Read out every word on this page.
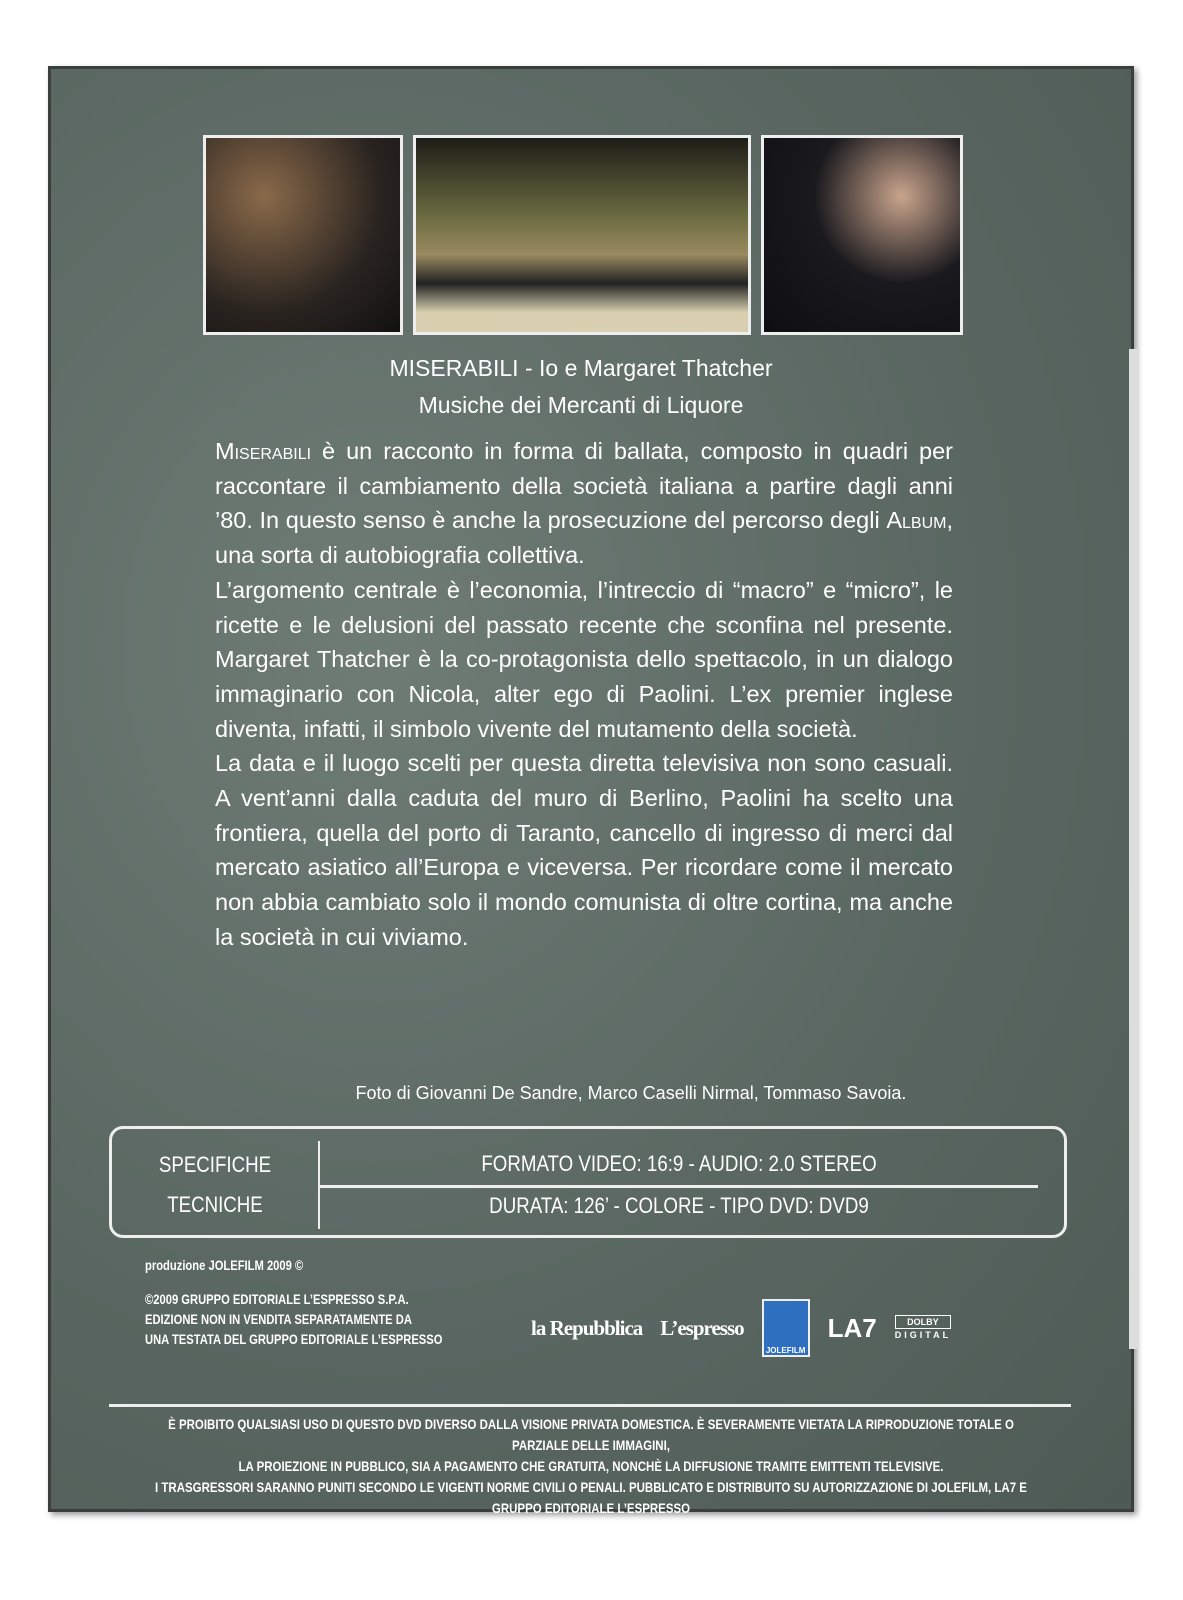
MISERABILI - Io e Margaret Thatcher
Musiche dei Mercanti di Liquore

Miserabili è un racconto in forma di ballata, composto in quadri per raccontare il cambiamento della società italiana a partire dagli anni ’80. In questo senso è anche la prosecuzione del percorso degli Album, una sorta di autobiografia collettiva.

L’argomento centrale è l’economia, l’intreccio di “macro” e “micro”, le ricette e le delusioni del passato recente che sconfina nel presente. Margaret Thatcher è la co-protagonista dello spettacolo, in un dialogo immaginario con Nicola, alter ego di Paolini. L’ex premier inglese diventa, infatti, il simbolo vivente del mutamento della società.

La data e il luogo scelti per questa diretta televisiva non sono casuali. A vent’anni dalla caduta del muro di Berlino, Paolini ha scelto una frontiera, quella del porto di Taranto, cancello di ingresso di merci dal mercato asiatico all’Europa e viceversa. Per ricordare come il mercato non abbia cambiato solo il mondo comunista di oltre cortina, ma anche la società in cui viviamo.

Foto di Giovanni De Sandre, Marco Caselli Nirmal, Tommaso Savoia.
SPECIFICHE
TECNICHE
FORMATO VIDEO: 16:9 - AUDIO: 2.0 STEREO
DURATA: 126’ - COLORE - TIPO DVD: DVD9
produzione JOLEFILM 2009 ©
©2009 GRUPPO EDITORIALE L’ESPRESSO S.P.A.
EDIZIONE NON IN VENDITA SEPARATAMENTE DA
UNA TESTATA DEL GRUPPO EDITORIALE L’ESPRESSO	la Repubblica L’espresso
JOLEFILM
LA7	DOLBY
DIGITAL
È PROIBITO QUALSIASI USO DI QUESTO DVD DIVERSO DALLA VISIONE PRIVATA DOMESTICA. È SEVERAMENTE VIETATA LA RIPRODUZIONE TOTALE O PARZIALE DELLE IMMAGINI,
LA PROIEZIONE IN PUBBLICO, SIA A PAGAMENTO CHE GRATUITA, NONCHÈ LA DIFFUSIONE TRAMITE EMITTENTI TELEVISIVE.
I TRASGRESSORI SARANNO PUNITI SECONDO LE VIGENTI NORME CIVILI O PENALI. PUBBLICATO E DISTRIBUITO SU AUTORIZZAZIONE DI JOLEFILM, LA7 E GRUPPO EDITORIALE L’ESPRESSO
